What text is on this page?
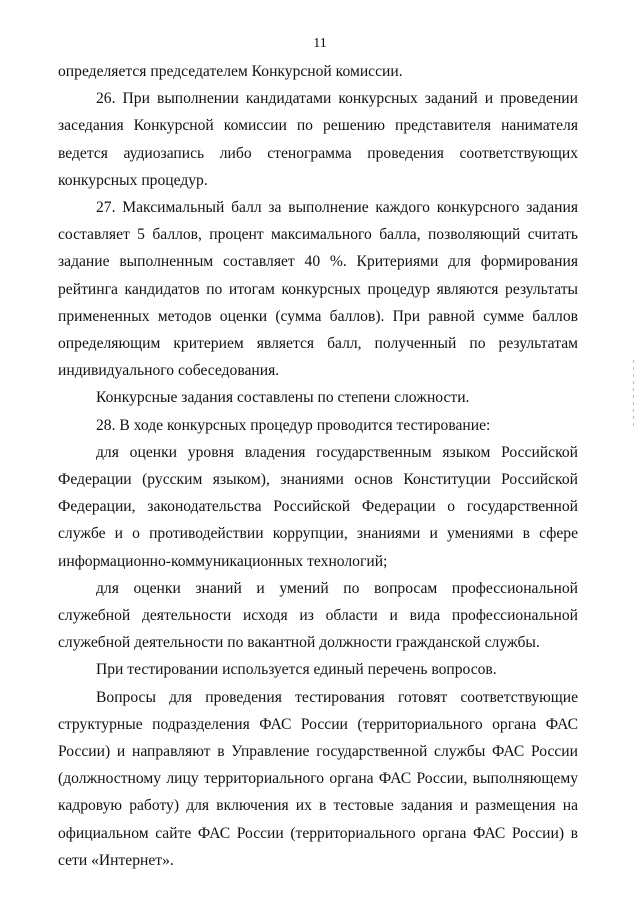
11

определяется председателем Конкурсной комиссии.

26. При выполнении кандидатами конкурсных заданий и проведении заседания Конкурсной комиссии по решению представителя нанимателя ведется аудиозапись либо стенограмма проведения соответствующих конкурсных процедур.

27. Максимальный балл за выполнение каждого конкурсного задания составляет 5 баллов, процент максимального балла, позволяющий считать задание выполненным составляет 40 %. Критериями для формирования рейтинга кандидатов по итогам конкурсных процедур являются результаты примененных методов оценки (сумма баллов). При равной сумме баллов определяющим критерием является балл, полученный по результатам индивидуального собеседования.

Конкурсные задания составлены по степени сложности.

28. В ходе конкурсных процедур проводится тестирование:

для оценки уровня владения государственным языком Российской Федерации (русским языком), знаниями основ Конституции Российской Федерации, законодательства Российской Федерации о государственной службе и о противодействии коррупции, знаниями и умениями в сфере информационно-коммуникационных технологий;

для оценки знаний и умений по вопросам профессиональной служебной деятельности исходя из области и вида профессиональной служебной деятельности по вакантной должности гражданской службы.

При тестировании используется единый перечень вопросов.

Вопросы для проведения тестирования готовят соответствующие структурные подразделения ФАС России (территориального органа ФАС России) и направляют в Управление государственной службы ФАС России (должностному лицу территориального органа ФАС России, выполняющему кадровую работу) для включения их в тестовые задания и размещения на официальном сайте ФАС России (территориального органа ФАС России) в сети «Интернет».
